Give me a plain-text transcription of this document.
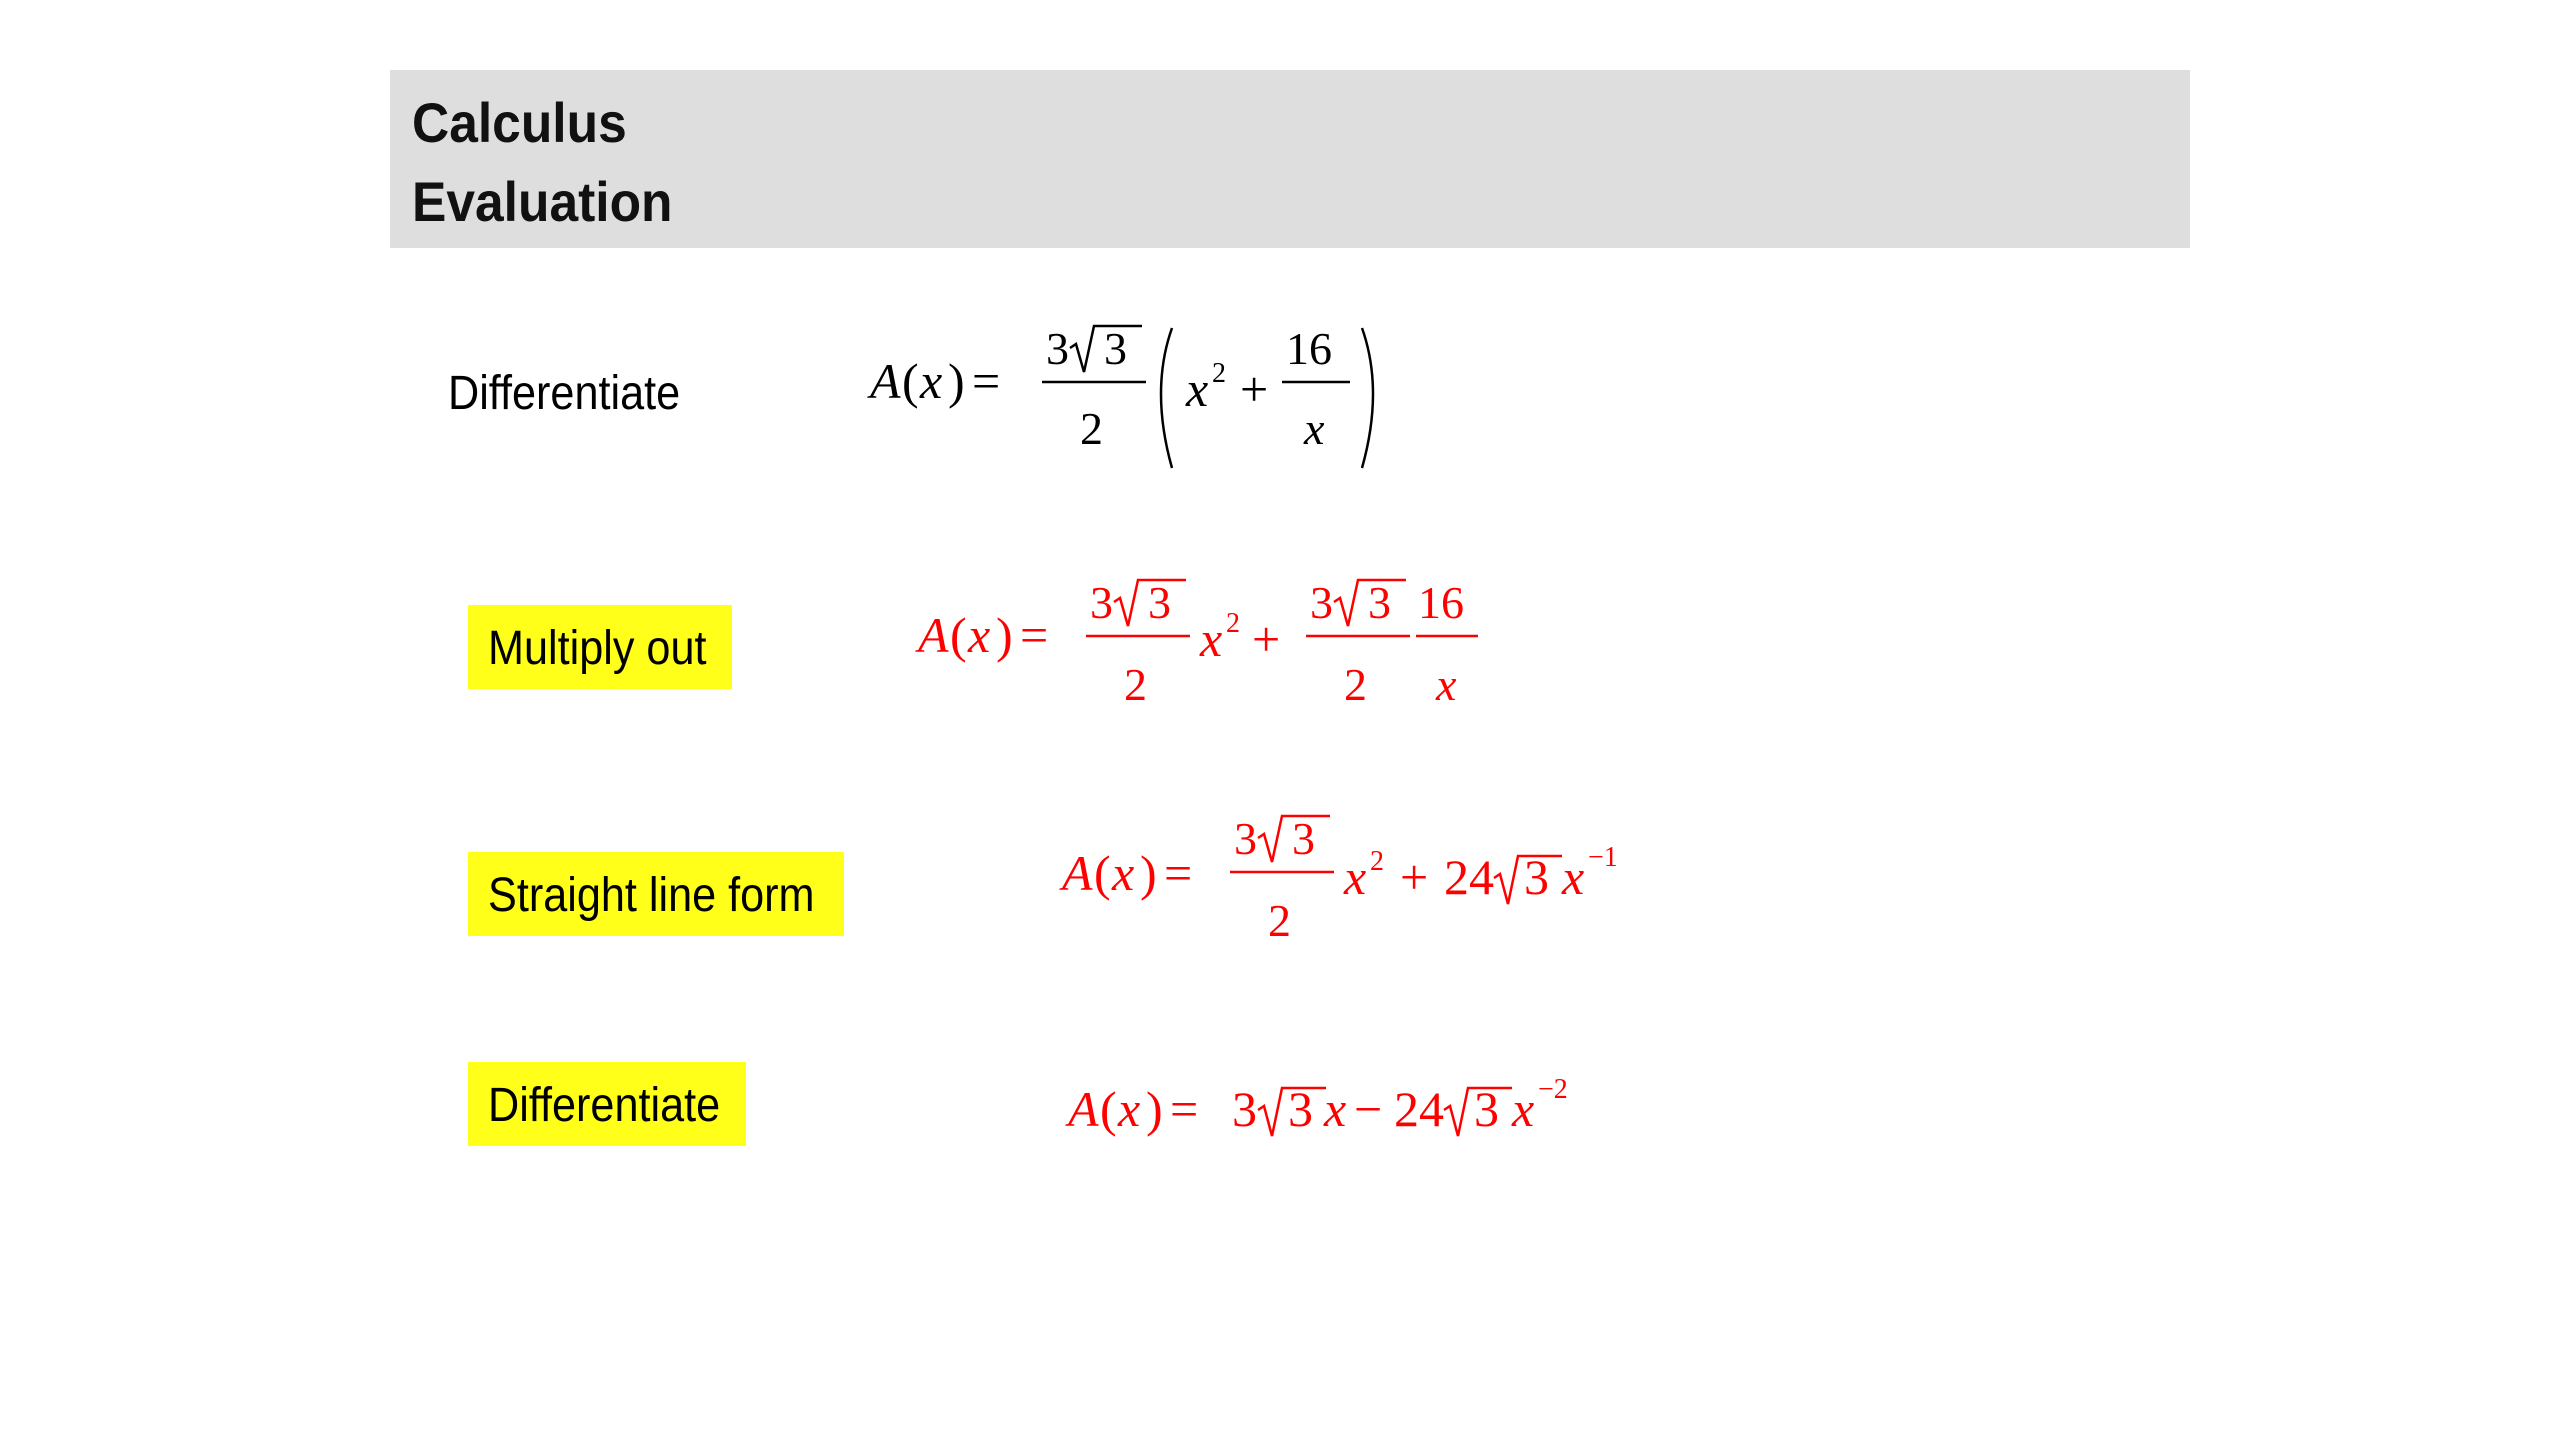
Calculus
Evaluation
Differentiate	A ( x ) =
3 3
2
x 2 +
16
x
Multiply out	A ( x ) =
3 3
2
x 2 +
3 3
2
16
x
Straight line form	A ( x ) =
3 3
2
x 2 + 24 3 x −1
Differentiate	A ( x ) = 3 3 x − 24 3 x −2
